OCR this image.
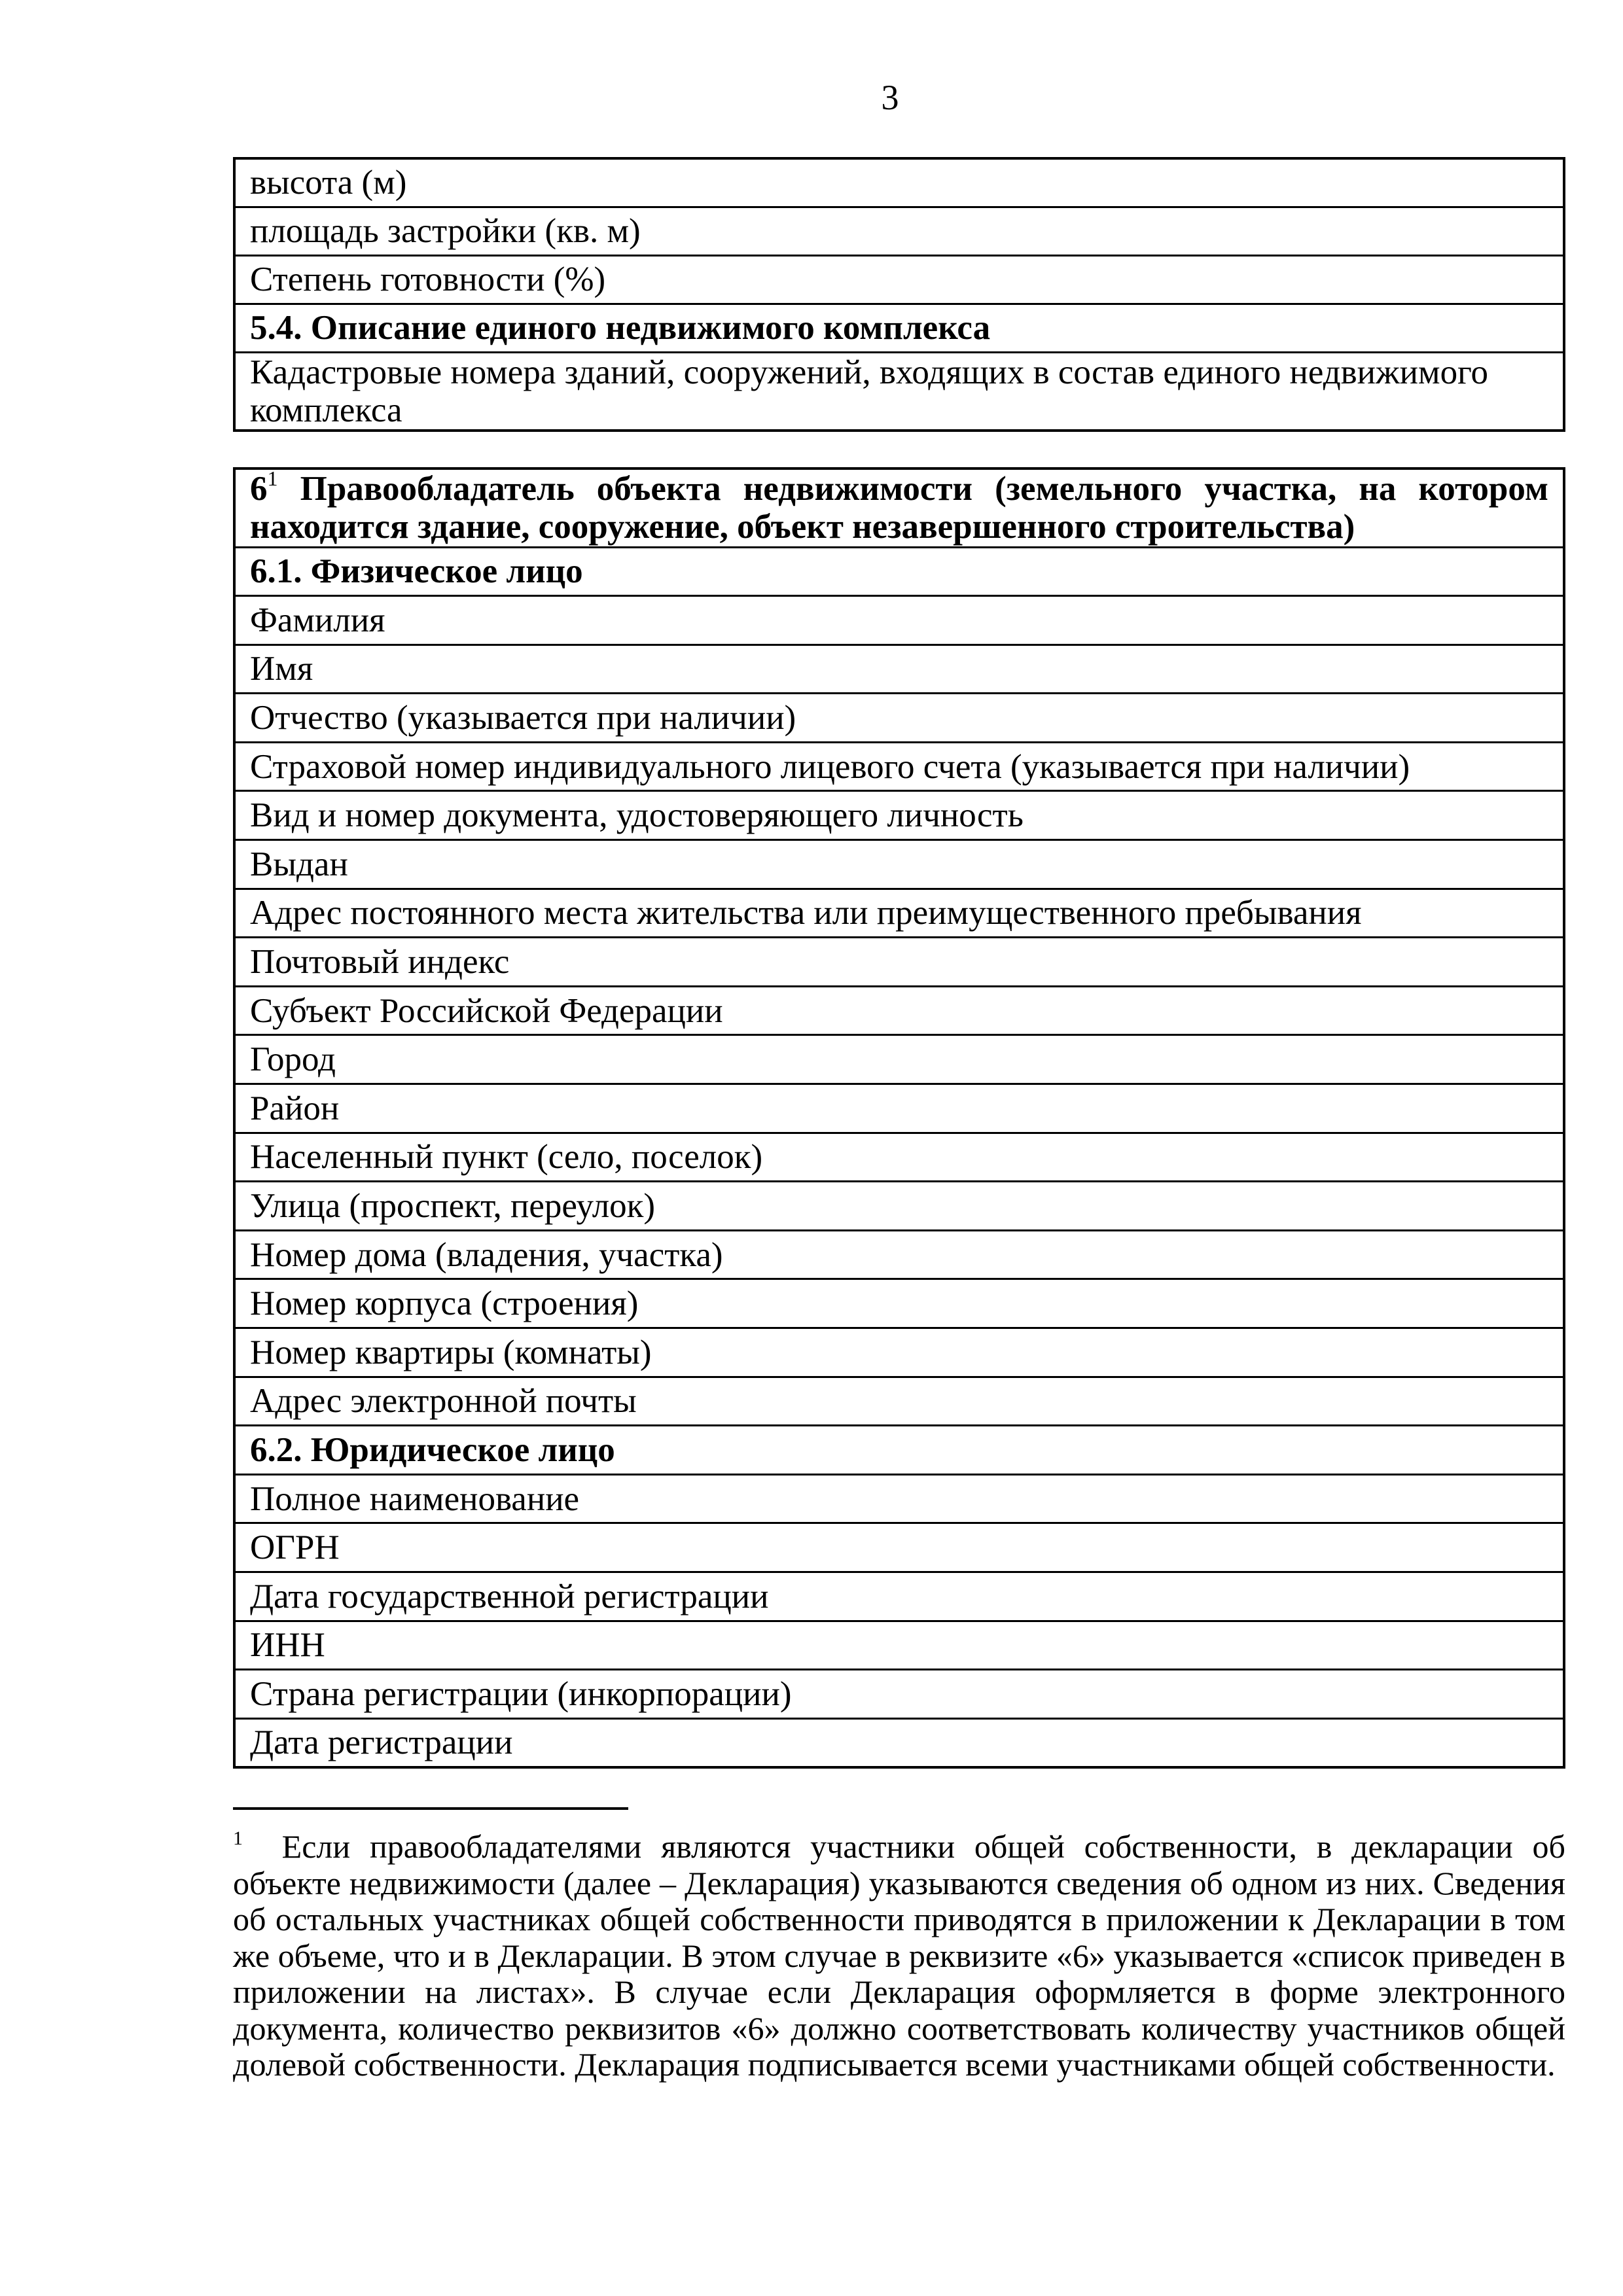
3
высота (м)
площадь застройки (кв. м)
Степень готовности (%)
5.4. Описание единого недвижимого комплекса
Кадастровые номера зданий, сооружений, входящих в состав единого недвижимого комплекса
$6^1$ Правообладатель объекта недвижимости (земельного участка, на котором находится здание, сооружение, объект незавершенного строительства)
6.1. Физическое лицо
Фамилия
Имя
Отчество (указывается при наличии)
Страховой номер индивидуального лицевого счета (указывается при наличии)
Вид и номер документа, удостоверяющего личность
Выдан
Адрес постоянного места жительства или преимущественного пребывания
Почтовый индекс
Субъект Российской Федерации
Город
Район
Населенный пункт (село, поселок)
Улица (проспект, переулок)
Номер дома (владения, участка)
Номер корпуса (строения)
Номер квартиры (комнаты)
Адрес электронной почты
6.2. Юридическое лицо
Полное наименование
ОГРН
Дата государственной регистрации
ИНН
Страна регистрации (инкорпорации)
Дата регистрации
$^1$ Если правообладателями являются участники общей собственности, в декларации об объекте недвижимости (далее – Декларация) указываются сведения об одном из них. Сведения об остальных участниках общей собственности приводятся в приложении к Декларации в том же объеме, что и в Декларации. В этом случае в реквизите «6» указывается «список приведен в приложении на листах». В случае если Декларация оформляется в форме электронного документа, количество реквизитов «6» должно соответствовать количеству участников общей долевой собственности. Декларация подписывается всеми участниками общей собственности.
